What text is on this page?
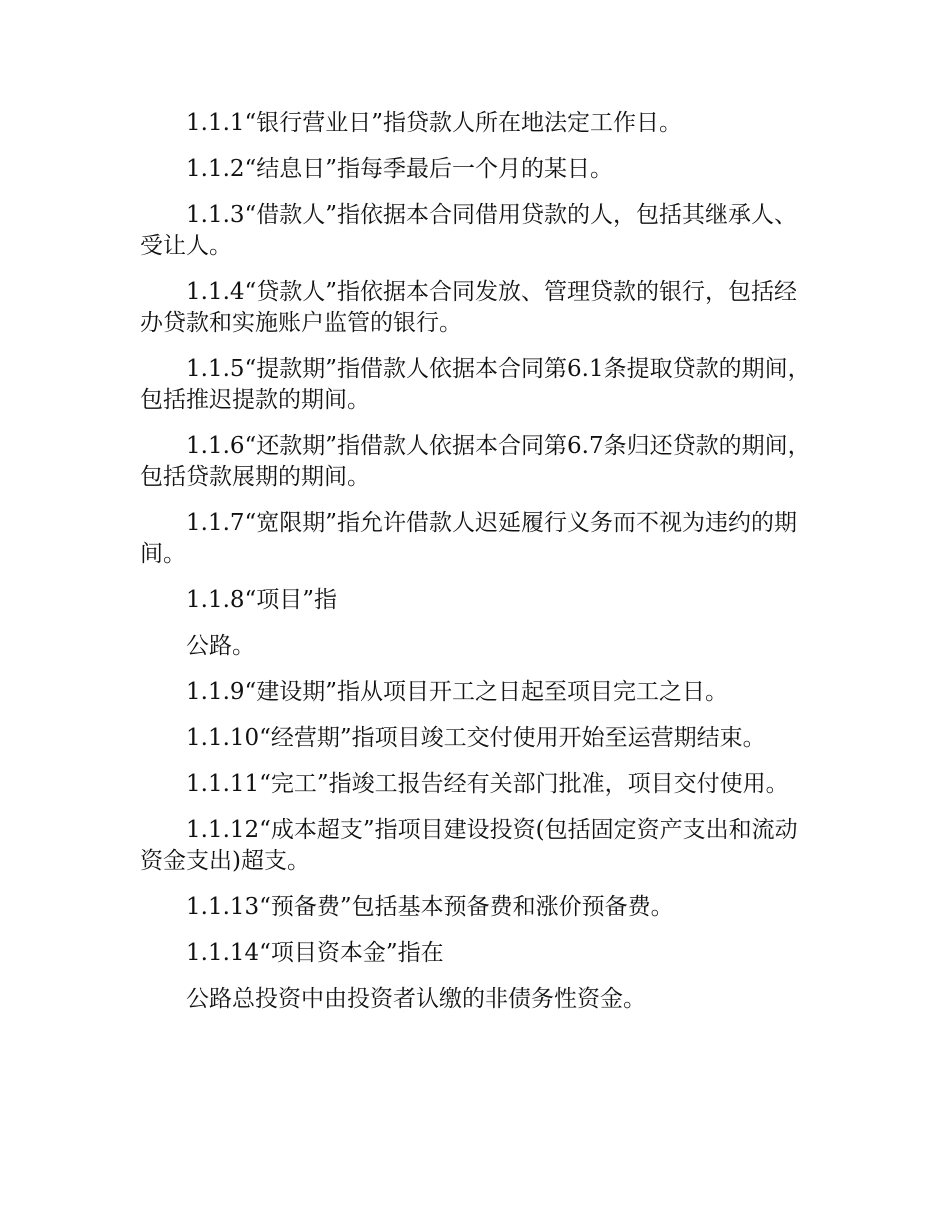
1.1.1“银行营业日”指贷款人所在地法定工作日。

1.1.2“结息日”指每季最后一个月的某日。

1.1.3“借款人”指依据本合同借用贷款的人，包括其继承人、受让人。

1.1.4“贷款人”指依据本合同发放、管理贷款的银行，包括经办贷款和实施账户监管的银行。

1.1.5“提款期”指借款人依据本合同第6.1条提取贷款的期间，包括推迟提款的期间。

1.1.6“还款期”指借款人依据本合同第6.7条归还贷款的期间，包括贷款展期的期间。

1.1.7“宽限期”指允许借款人迟延履行义务而不视为违约的期间。

1.1.8“项目”指

公路。

1.1.9“建设期”指从项目开工之日起至项目完工之日。

1.1.10“经营期”指项目竣工交付使用开始至运营期结束。

1.1.11“完工”指竣工报告经有关部门批准，项目交付使用。

1.1.12“成本超支”指项目建设投资(包括固定资产支出和流动资金支出)超支。

1.1.13“预备费”包括基本预备费和涨价预备费。

1.1.14“项目资本金”指在

公路总投资中由投资者认缴的非债务性资金。
